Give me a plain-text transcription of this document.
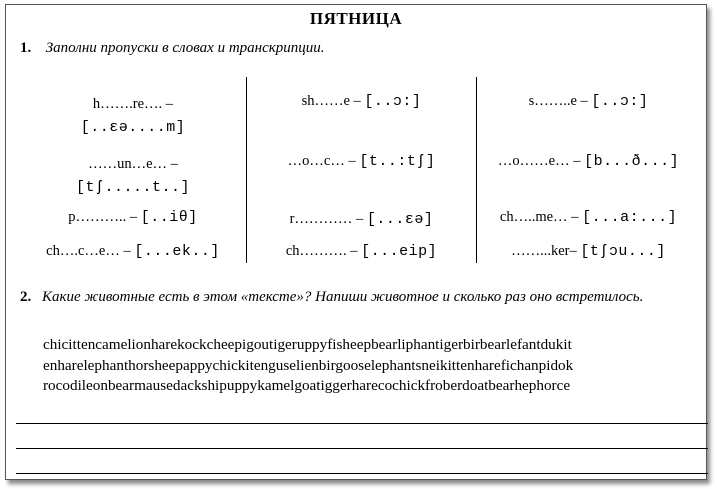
ПЯТНИЦА
1. Заполни пропуски в словах и транскрипции.
h…….re…. –
[..ɛə....m]
……un…e… –
[tʃ.....t..]
p……….. – [..iθ]
ch….c…e… – [...ek..]
sh……e – [..ɔ:]
…o…c… – [t..:tʃ]
r………… – [...ɛə]
ch………. – [...eip]
s……..e – [..ɔ:]
…o……e… – [b...ð...]
ch…..me… – [...a:...]
……...ker– [tʃɔu...]
2. Какие животные есть в этом «тексте»? Напиши животное и сколько раз оно встретилось.
chicittencamelionharekockcheepigoutigeruppyfisheepbearliphantigerbirbearlefantdukit
enharelephanthorsheepappychickitenguselienbirgooselephantsneikittenharefichanpidok
rocodileonbearmausedackshipuppykamelgoatiggerharecochickfroberdoatbearhephorce
